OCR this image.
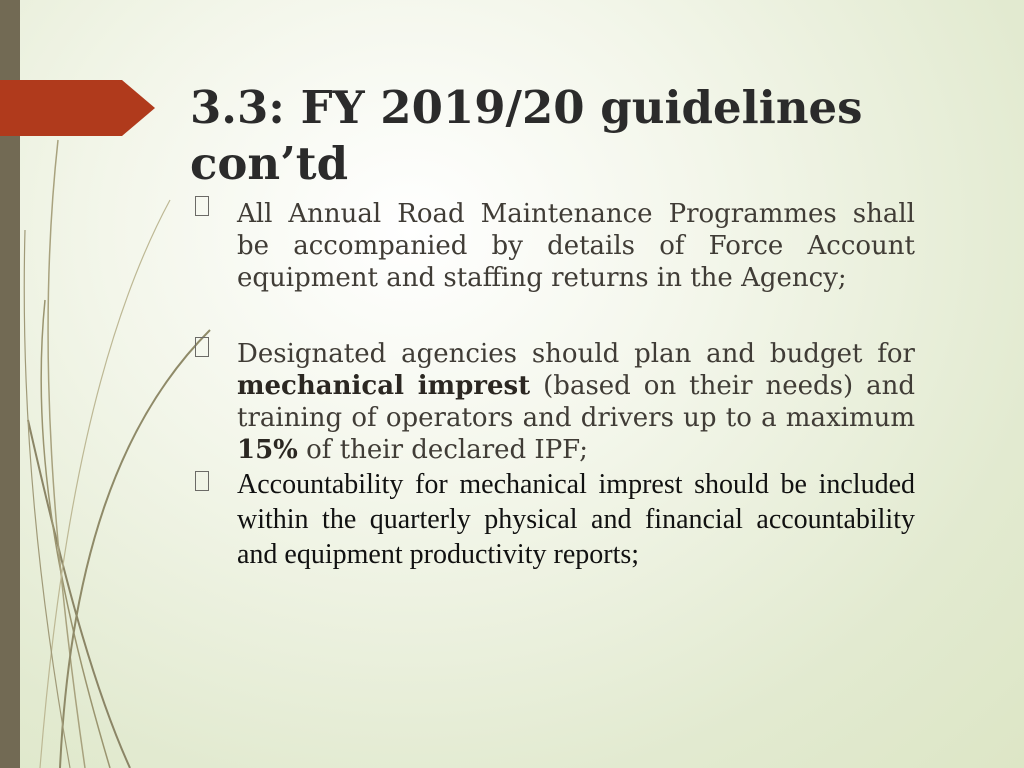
3.3: FY 2019/20 guidelines con’td

All Annual Road Maintenance Programmes shall be accompanied by details of Force Account equipment and staffing returns in the Agency;

Designated agencies should plan and budget for mechanical imprest (based on their needs) and training of operators and drivers up to a maximum 15% of their declared IPF;

Accountability for mechanical imprest should be included within the quarterly physical and financial accountability and equipment productivity reports;
